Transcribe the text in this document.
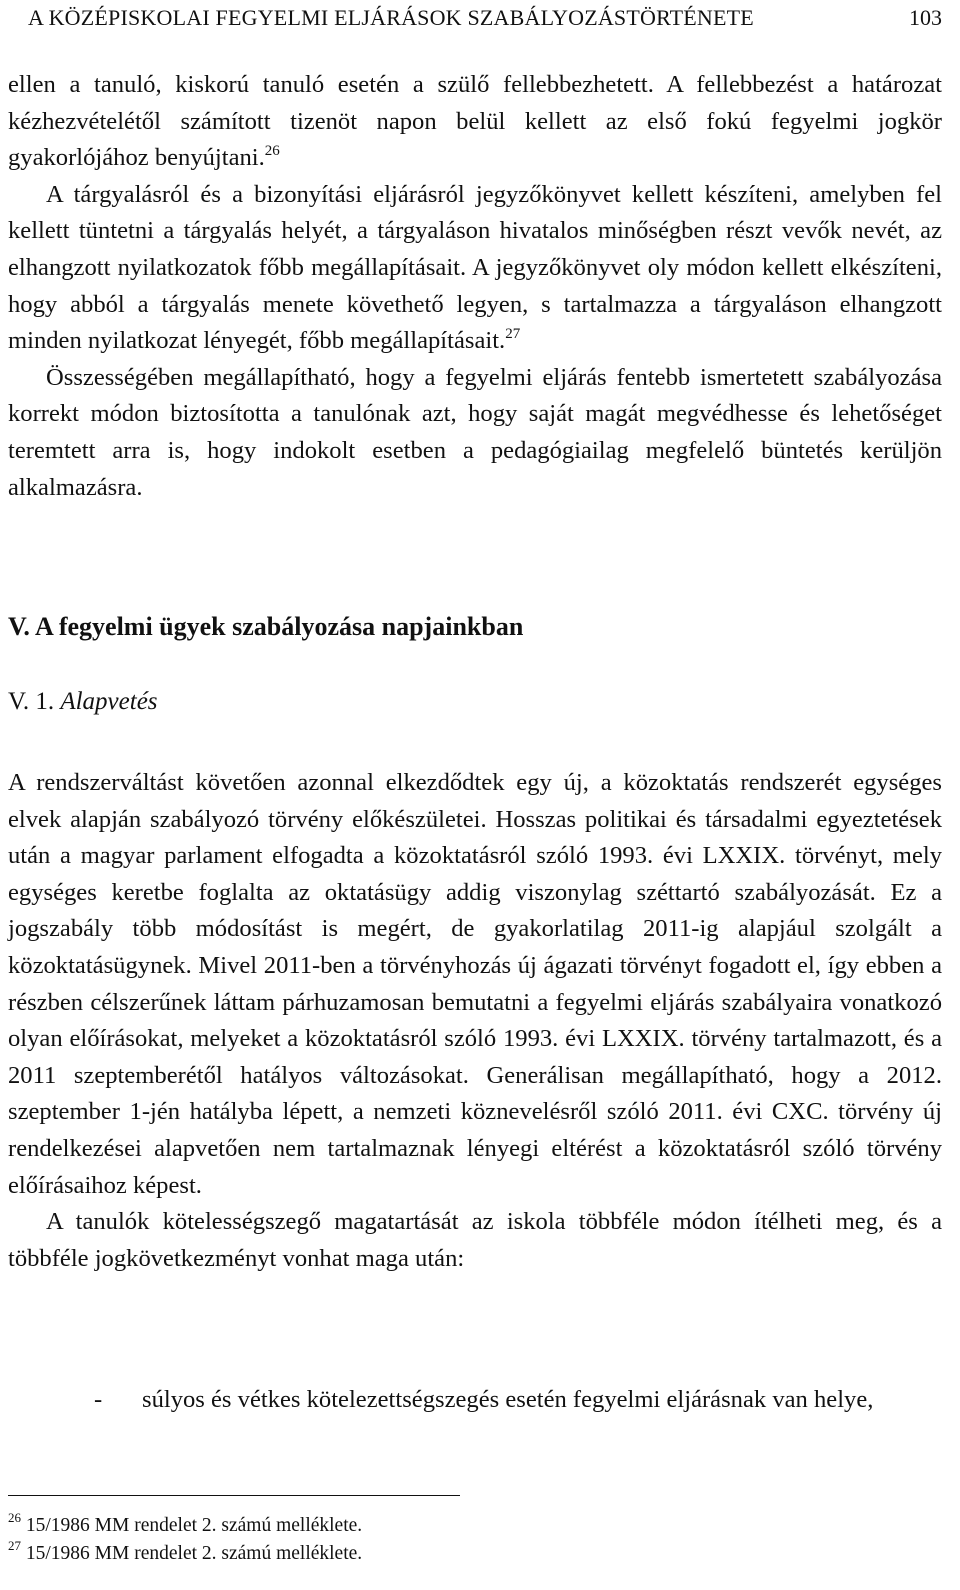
A KÖZÉPISKOLAI FEGYELMI ELJÁRÁSOK SZABÁLYOZÁSTÖRTÉNETE	103

ellen a tanuló, kiskorú tanuló esetén a szülő fellebbezhetett. A fellebbezést a határozat kézhezvételétől számított tizenöt napon belül kellett az első fokú fegyelmi jogkör gyakorlójához benyújtani.$^{26}$

A tárgyalásról és a bizonyítási eljárásról jegyzőkönyvet kellett készíteni, amelyben fel kellett tüntetni a tárgyalás helyét, a tárgyaláson hivatalos minőségben részt vevők nevét, az elhangzott nyilatkozatok főbb megállapításait. A jegyzőkönyvet oly módon kellett elkészíteni, hogy abból a tárgyalás menete követhető legyen, s tartalmazza a tárgyaláson elhangzott minden nyilatkozat lényegét, főbb megállapításait.$^{27}$

Összességében megállapítható, hogy a fegyelmi eljárás fentebb ismertetett szabályozása korrekt módon biztosította a tanulónak azt, hogy saját magát megvédhesse és lehetőséget teremtett arra is, hogy indokolt esetben a pedagógiailag megfelelő büntetés kerüljön alkalmazásra.

V. A fegyelmi ügyek szabályozása napjainkban
V. 1. Alapvetés

A rendszerváltást követően azonnal elkezdődtek egy új, a közoktatás rendszerét egységes elvek alapján szabályozó törvény előkészületei. Hosszas politikai és társadalmi egyeztetések után a magyar parlament elfogadta a közoktatásról szóló 1993. évi LXXIX. törvényt, mely egységes keretbe foglalta az oktatásügy addig viszonylag széttartó szabályozását. Ez a jogszabály több módosítást is megért, de gyakorlatilag 2011-ig alapjául szolgált a közoktatásügynek. Mivel 2011-ben a törvényhozás új ágazati törvényt fogadott el, így ebben a részben célszerűnek láttam párhuzamosan bemutatni a fegyelmi eljárás szabályaira vonatkozó olyan előírásokat, melyeket a közoktatásról szóló 1993. évi LXXIX. törvény tartalmazott, és a 2011 szeptemberétől hatályos változásokat. Generálisan megállapítható, hogy a 2012. szeptember 1-jén hatályba lépett, a nemzeti köznevelésről szóló 2011. évi CXC. törvény új rendelkezései alapvetően nem tartalmaznak lényegi eltérést a közoktatásról szóló törvény előírásaihoz képest.

A tanulók kötelességszegő magatartását az iskola többféle módon ítélheti meg, és a többféle jogkövetkezményt vonhat maga után:

-	súlyos és vétkes kötelezettségszegés esetén fegyelmi eljárásnak van helye,
$^{26}$ 15/1986 MM rendelet 2. számú melléklete.
$^{27}$ 15/1986 MM rendelet 2. számú melléklete.
